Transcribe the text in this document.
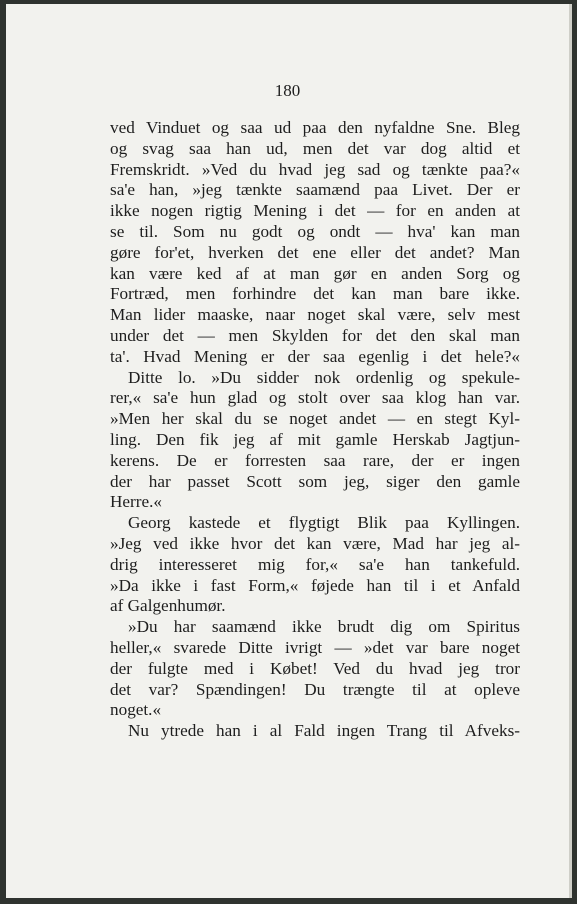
180
ved Vinduet og saa ud paa den nyfaldne Sne. Bleg
og svag saa han ud, men det var dog altid et
Fremskridt. »Ved du hvad jeg sad og tænkte paa?«
sa'e han, »jeg tænkte saamænd paa Livet. Der er
ikke nogen rigtig Mening i det — for en anden at
se til. Som nu godt og ondt — hva' kan man
gøre for'et, hverken det ene eller det andet? Man
kan være ked af at man gør en anden Sorg og
Fortræd, men forhindre det kan man bare ikke.
Man lider maaske, naar noget skal være, selv mest
under det — men Skylden for det den skal man
ta'. Hvad Mening er der saa egenlig i det hele?«
Ditte lo. »Du sidder nok ordenlig og spekule-
rer,« sa'e hun glad og stolt over saa klog han var.
»Men her skal du se noget andet — en stegt Kyl-
ling. Den fik jeg af mit gamle Herskab Jagtjun-
kerens. De er forresten saa rare, der er ingen
der har passet Scott som jeg, siger den gamle
Herre.«
Georg kastede et flygtigt Blik paa Kyllingen.
»Jeg ved ikke hvor det kan være, Mad har jeg al-
drig interesseret mig for,« sa'e han tankefuld.
»Da ikke i fast Form,« føjede han til i et Anfald
af Galgenhumør.
»Du har saamænd ikke brudt dig om Spiritus
heller,« svarede Ditte ivrigt — »det var bare noget
der fulgte med i Købet! Ved du hvad jeg tror
det var? Spændingen! Du trængte til at opleve
noget.«
Nu ytrede han i al Fald ingen Trang til Afveks-
